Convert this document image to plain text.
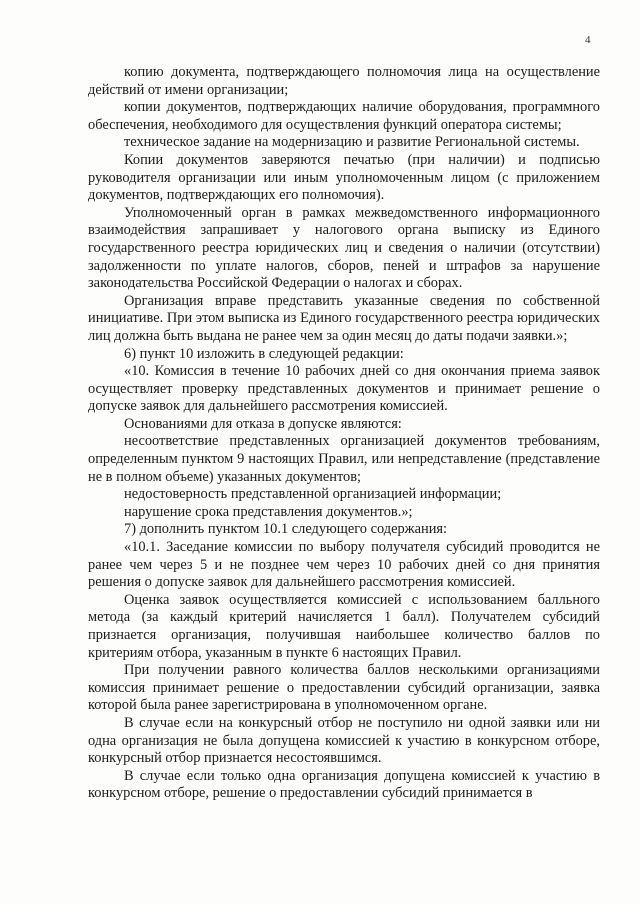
4

копию документа, подтверждающего полномочия лица на осуществление действий от имени организации;

копии документов, подтверждающих наличие оборудования, программного обеспечения, необходимого для осуществления функций оператора системы;

техническое задание на модернизацию и развитие Региональной системы.

Копии документов заверяются печатью (при наличии) и подписью руководителя организации или иным уполномоченным лицом (с приложением документов, подтверждающих его полномочия).

Уполномоченный орган в рамках межведомственного информационного взаимодействия запрашивает у налогового органа выписку из Единого государственного реестра юридических лиц и сведения о наличии (отсутствии) задолженности по уплате налогов, сборов, пеней и штрафов за нарушение законодательства Российской Федерации о налогах и сборах.

Организация вправе представить указанные сведения по собственной инициативе. При этом выписка из Единого государственного реестра юридических лиц должна быть выдана не ранее чем за один месяц до даты подачи заявки.»;

6) пункт 10 изложить в следующей редакции:

«10. Комиссия в течение 10 рабочих дней со дня окончания приема заявок осуществляет проверку представленных документов и принимает решение о допуске заявок для дальнейшего рассмотрения комиссией.

Основаниями для отказа в допуске являются:

несоответствие представленных организацией документов требованиям, определенным пунктом 9 настоящих Правил, или непредставление (представление не в полном объеме) указанных документов;

недостоверность представленной организацией информации;

нарушение срока представления документов.»;

7) дополнить пунктом 10.1 следующего содержания:

«10.1. Заседание комиссии по выбору получателя субсидий проводится не ранее чем через 5 и не позднее чем через 10 рабочих дней со дня принятия решения о допуске заявок для дальнейшего рассмотрения комиссией.

Оценка заявок осуществляется комиссией с использованием балльного метода (за каждый критерий начисляется 1 балл). Получателем субсидий признается организация, получившая наибольшее количество баллов по критериям отбора, указанным в пункте 6 настоящих Правил.

При получении равного количества баллов несколькими организациями комиссия принимает решение о предоставлении субсидий организации, заявка которой была ранее зарегистрирована в уполномоченном органе.

В случае если на конкурсный отбор не поступило ни одной заявки или ни одна организация не была допущена комиссией к участию в конкурсном отборе, конкурсный отбор признается несостоявшимся.

В случае если только одна организация допущена комиссией к участию в конкурсном отборе, решение о предоставлении субсидий принимается в
